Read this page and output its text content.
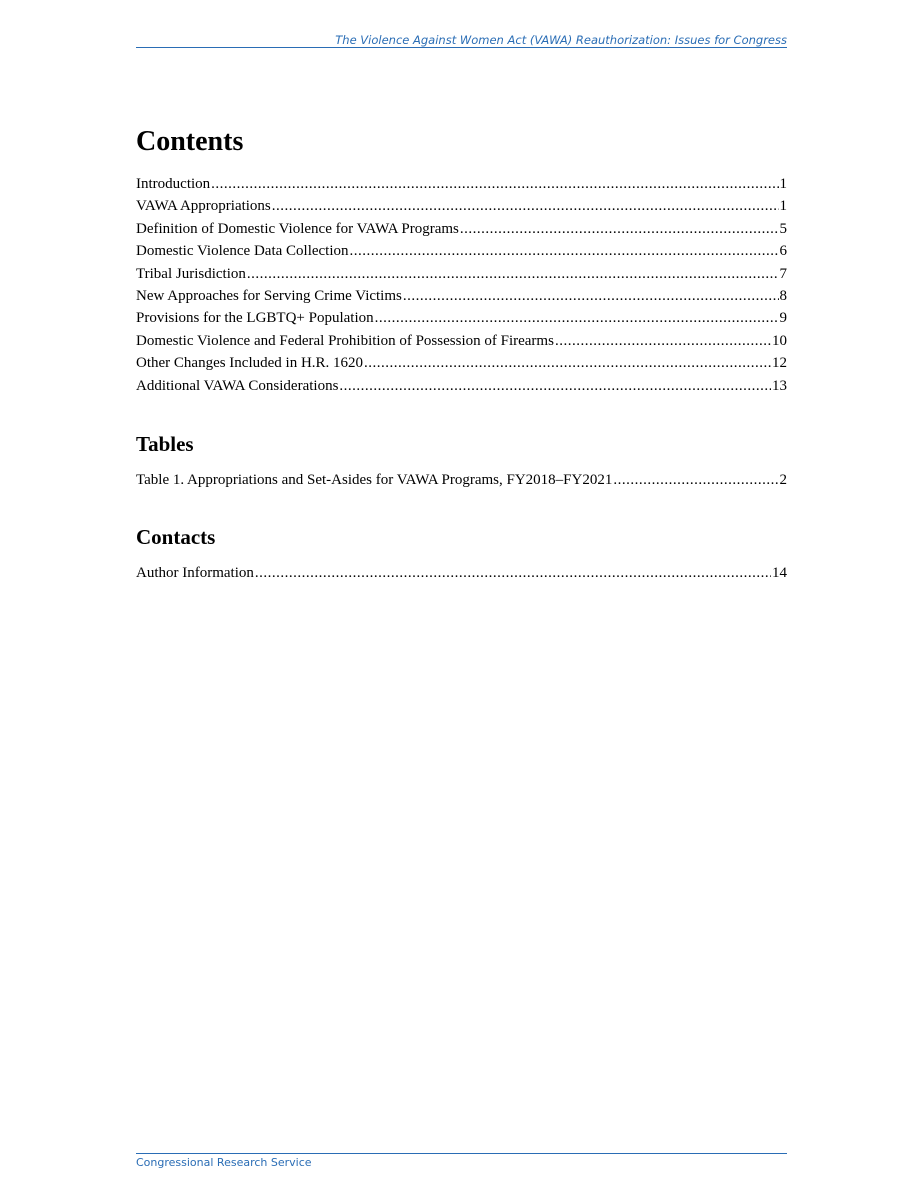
The Violence Against Women Act (VAWA) Reauthorization: Issues for Congress
Contents
Introduction .....	1
VAWA Appropriations .....	1
Definition of Domestic Violence for VAWA Programs .....	5
Domestic Violence Data Collection .....	6
Tribal Jurisdiction .....	7
New Approaches for Serving Crime Victims .....	8
Provisions for the LGBTQ+ Population .....	9
Domestic Violence and Federal Prohibition of Possession of Firearms .....	10
Other Changes Included in H.R. 1620 .....	12
Additional VAWA Considerations .....	13
Tables
Table 1. Appropriations and Set-Asides for VAWA Programs, FY2018–FY2021 .....	2
Contacts
Author Information .....	14
Congressional Research Service
